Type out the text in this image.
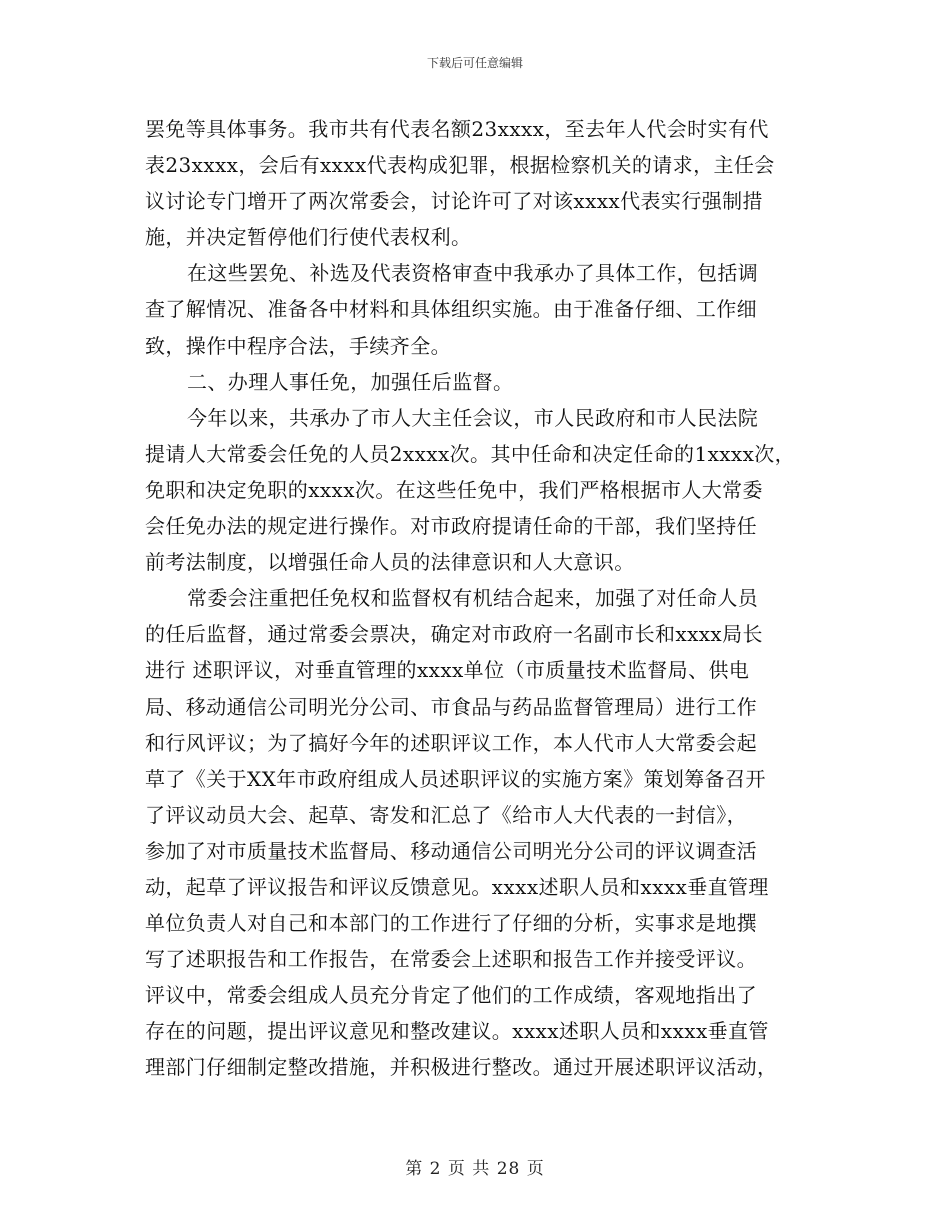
下载后可任意编辑
罢免等具体事务。我市共有代表名额23xxxx，至去年人代会时实有代
表23xxxx，会后有xxxx代表构成犯罪，根据检察机关的请求，主任会
议讨论专门增开了两次常委会，讨论许可了对该xxxx代表实行强制措
施，并决定暂停他们行使代表权利。
在这些罢免、补选及代表资格审查中我承办了具体工作，包括调
查了解情况、准备各中材料和具体组织实施。由于准备仔细、工作细
致，操作中程序合法，手续齐全。
二、办理人事任免，加强任后监督。
今年以来，共承办了市人大主任会议，市人民政府和市人民法院
提请人大常委会任免的人员2xxxx次。其中任命和决定任命的1xxxx次，
免职和决定免职的xxxx次。在这些任免中，我们严格根据市人大常委
会任免办法的规定进行操作。对市政府提请任命的干部，我们坚持任
前考法制度，以增强任命人员的法律意识和人大意识。
常委会注重把任免权和监督权有机结合起来，加强了对任命人员
的任后监督，通过常委会票决，确定对市政府一名副市长和xxxx局长
进行 述职评议，对垂直管理的xxxx单位（市质量技术监督局、供电
局、移动通信公司明光分公司、市食品与药品监督管理局）进行工作
和行风评议；为了搞好今年的述职评议工作，本人代市人大常委会起
草了《关于XX年市政府组成人员述职评议的实施方案》策划筹备召开
了评议动员大会、起草、寄发和汇总了《给市人大代表的一封信》，
参加了对市质量技术监督局、移动通信公司明光分公司的评议调查活
动，起草了评议报告和评议反馈意见。xxxx述职人员和xxxx垂直管理
单位负责人对自己和本部门的工作进行了仔细的分析，实事求是地撰
写了述职报告和工作报告，在常委会上述职和报告工作并接受评议。
评议中，常委会组成人员充分肯定了他们的工作成绩，客观地指出了
存在的问题，提出评议意见和整改建议。xxxx述职人员和xxxx垂直管
理部门仔细制定整改措施，并积极进行整改。通过开展述职评议活动，
第 2 页 共 28 页
